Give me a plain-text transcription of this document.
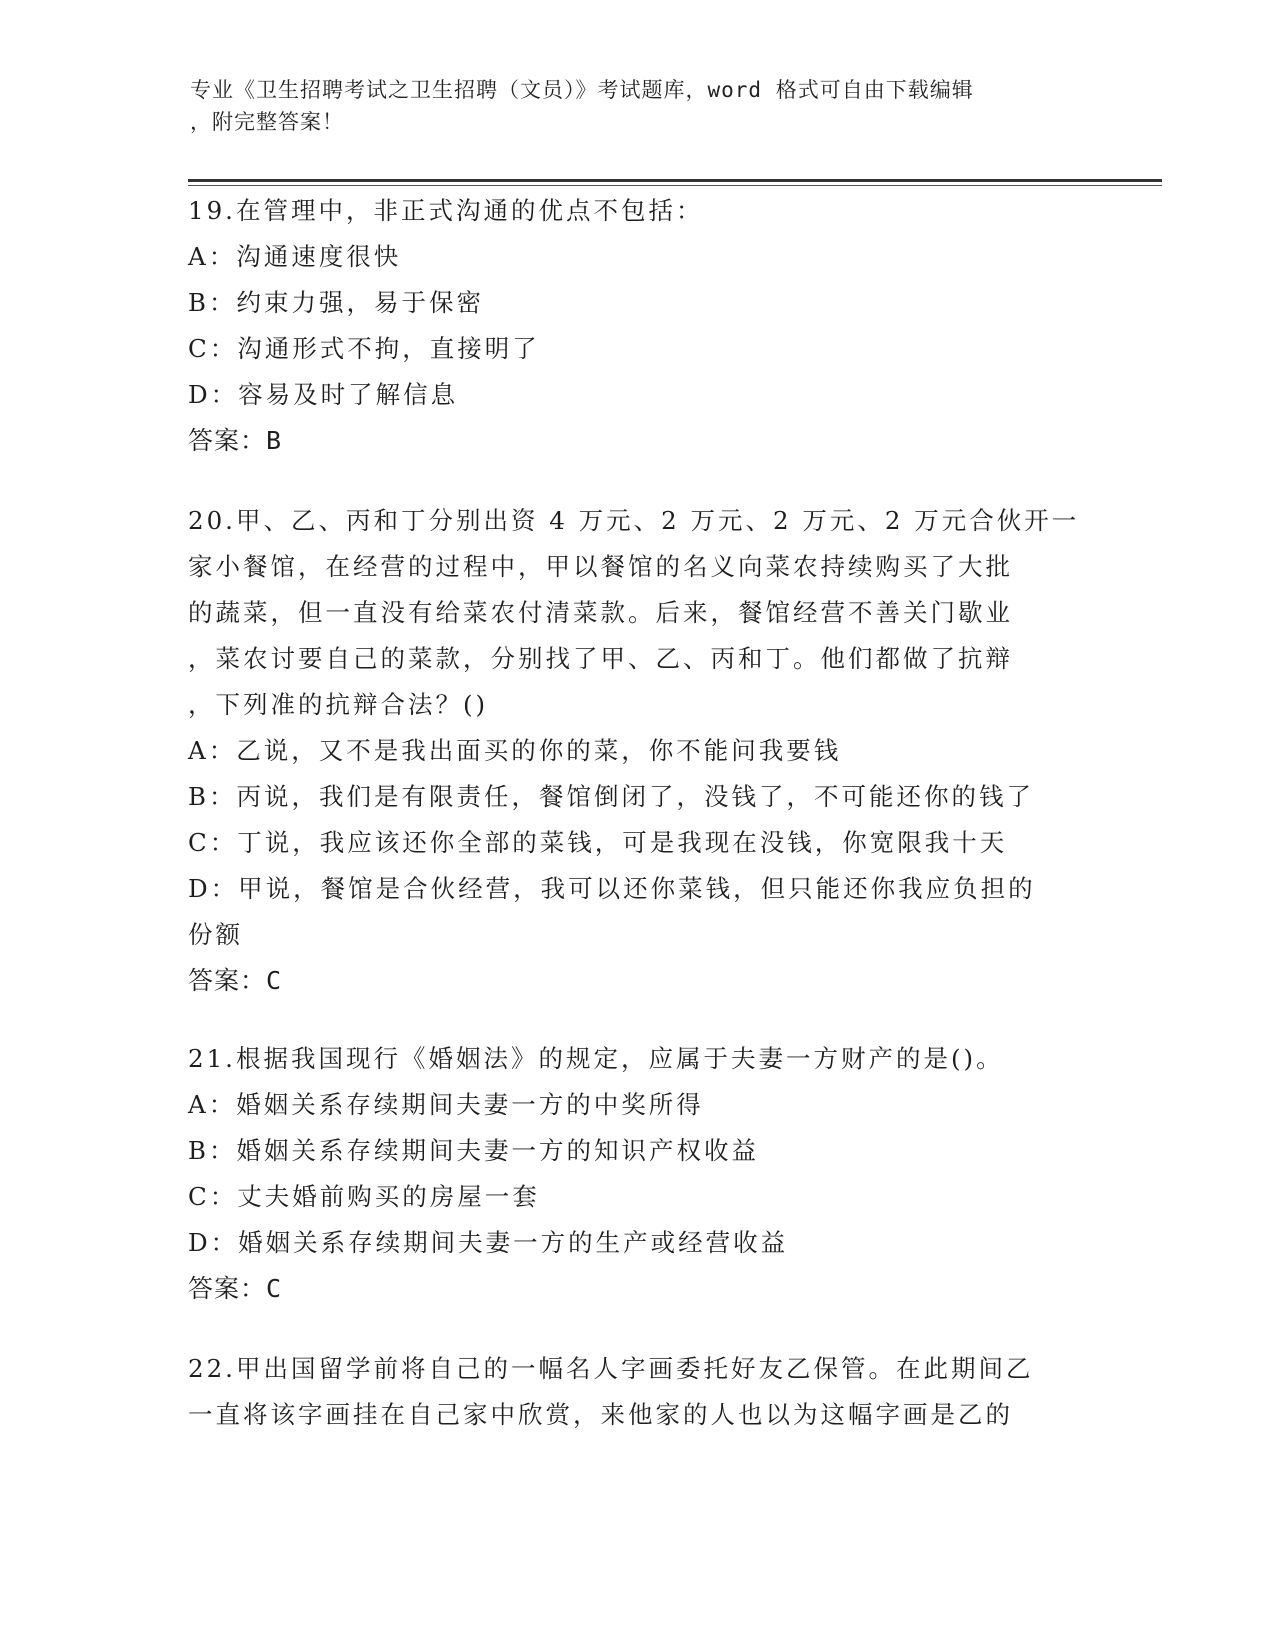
专业《卫生招聘考试之卫生招聘（文员）》考试题库，word 格式可自由下载编辑
，附完整答案！
19.在管理中，非正式沟通的优点不包括：
A：沟通速度很快
B：约束力强，易于保密
C：沟通形式不拘，直接明了
D：容易及时了解信息
答案：B
20.甲、乙、丙和丁分别出资 4 万元、2 万元、2 万元、2 万元合伙开一
家小餐馆，在经营的过程中，甲以餐馆的名义向菜农持续购买了大批
的蔬菜，但一直没有给菜农付清菜款。后来，餐馆经营不善关门歇业
，菜农讨要自己的菜款，分别找了甲、乙、丙和丁。他们都做了抗辩
，下列准的抗辩合法？()
A：乙说，又不是我出面买的你的菜，你不能问我要钱
B：丙说，我们是有限责任，餐馆倒闭了，没钱了，不可能还你的钱了
C：丁说，我应该还你全部的菜钱，可是我现在没钱，你宽限我十天
D：甲说，餐馆是合伙经营，我可以还你菜钱，但只能还你我应负担的
份额
答案：C
21.根据我国现行《婚姻法》的规定，应属于夫妻一方财产的是()。
A：婚姻关系存续期间夫妻一方的中奖所得
B：婚姻关系存续期间夫妻一方的知识产权收益
C：丈夫婚前购买的房屋一套
D：婚姻关系存续期间夫妻一方的生产或经营收益
答案：C
22.甲出国留学前将自己的一幅名人字画委托好友乙保管。在此期间乙
一直将该字画挂在自己家中欣赏，来他家的人也以为这幅字画是乙的
